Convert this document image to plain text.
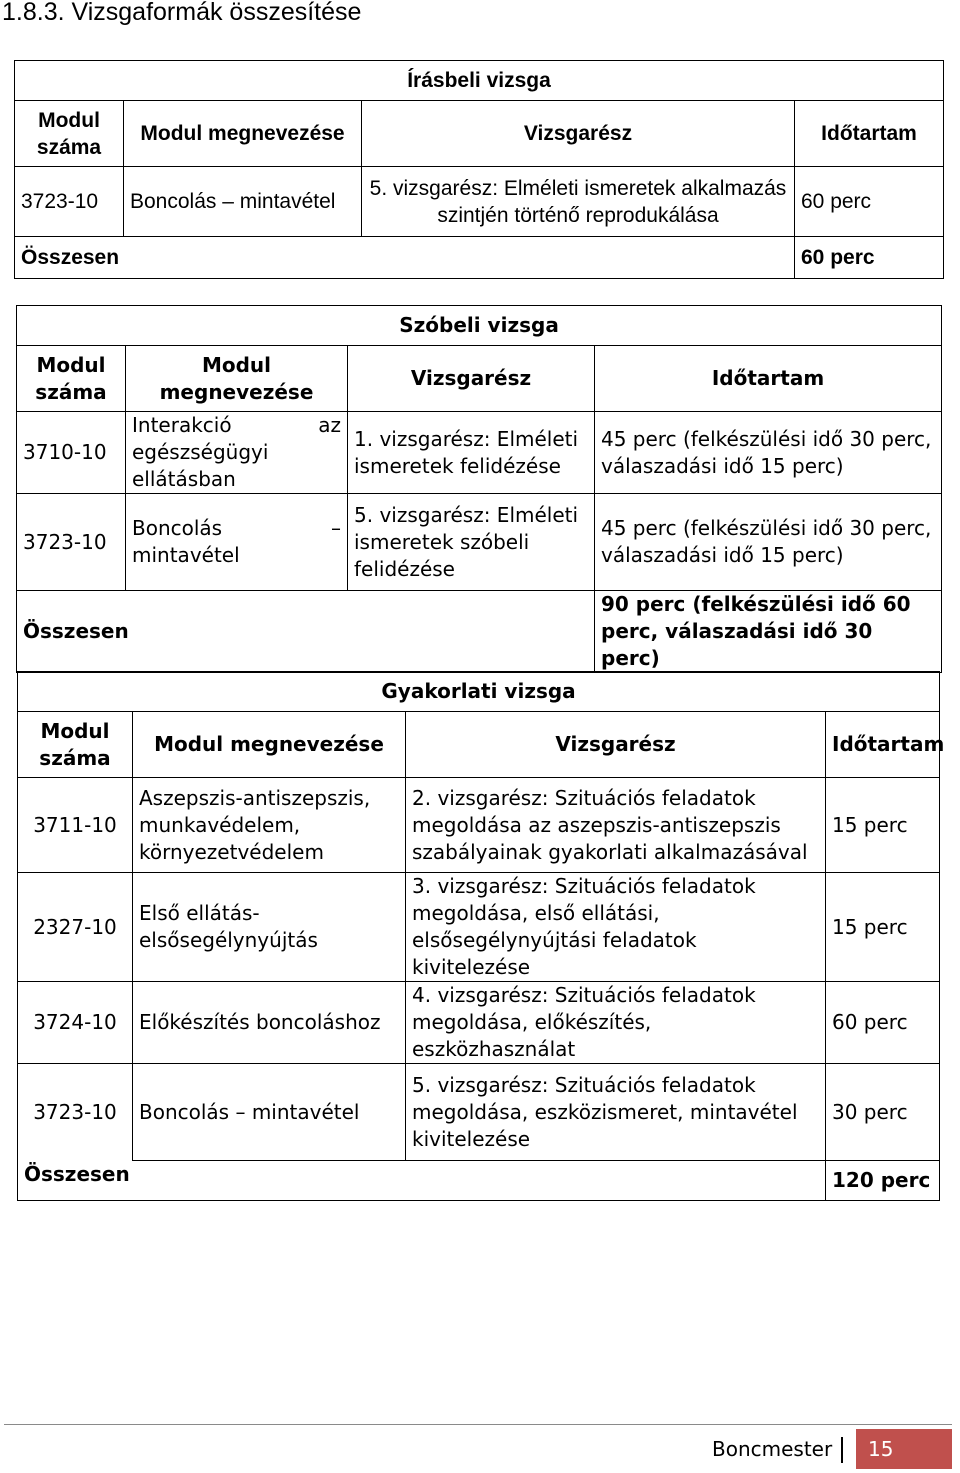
1.8.3. Vizsgaformák összesítése
Írásbeli vizsga			
Modul száma	Modul megnevezése	Vizsgarész	Időtartam
3723-10	Boncolás – mintavétel	5. vizsgarész: Elméleti ismeretek alkalmazás szintjén történő reprodukálása	60 perc
Összesen			60 perc
Szóbeli vizsga			
Modul száma	Modul megnevezése	Vizsgarész	Időtartam
3710-10	Interakció az egészségügyi ellátásban	1. vizsgarész: Elméleti ismeretek felidézése	45 perc (felkészülési idő 30 perc, válaszadási idő 15 perc)
3723-10	Boncolás – mintavétel	5. vizsgarész: Elméleti ismeretek szóbeli felidézése	45 perc (felkészülési idő 30 perc, válaszadási idő 15 perc)
Összesen			90 perc (felkészülési idő 60 perc, válaszadási idő 30 perc)
Gyakorlati vizsga			
Modul száma	Modul megnevezése	Vizsgarész	Időtartam
3711-10	Aszepszis-antiszepszis, munkavédelem, környezetvédelem	2. vizsgarész: Szituációs feladatok megoldása az aszepszis-antiszepszis szabályainak gyakorlati alkalmazásával	15 perc
2327-10	Első ellátás-elsősegélynyújtás	3. vizsgarész: Szituációs feladatok megoldása, első ellátási, elsősegélynyújtási feladatok kivitelezése	15 perc
3724-10	Előkészítés boncoláshoz	4. vizsgarész: Szituációs feladatok megoldása, előkészítés, eszközhasználat	60 perc
3723-10	Boncolás – mintavétel	5. vizsgarész: Szituációs feladatok megoldása, eszközismeret, mintavétel kivitelezése	30 perc
Összesen			120 perc
Boncmester 15
